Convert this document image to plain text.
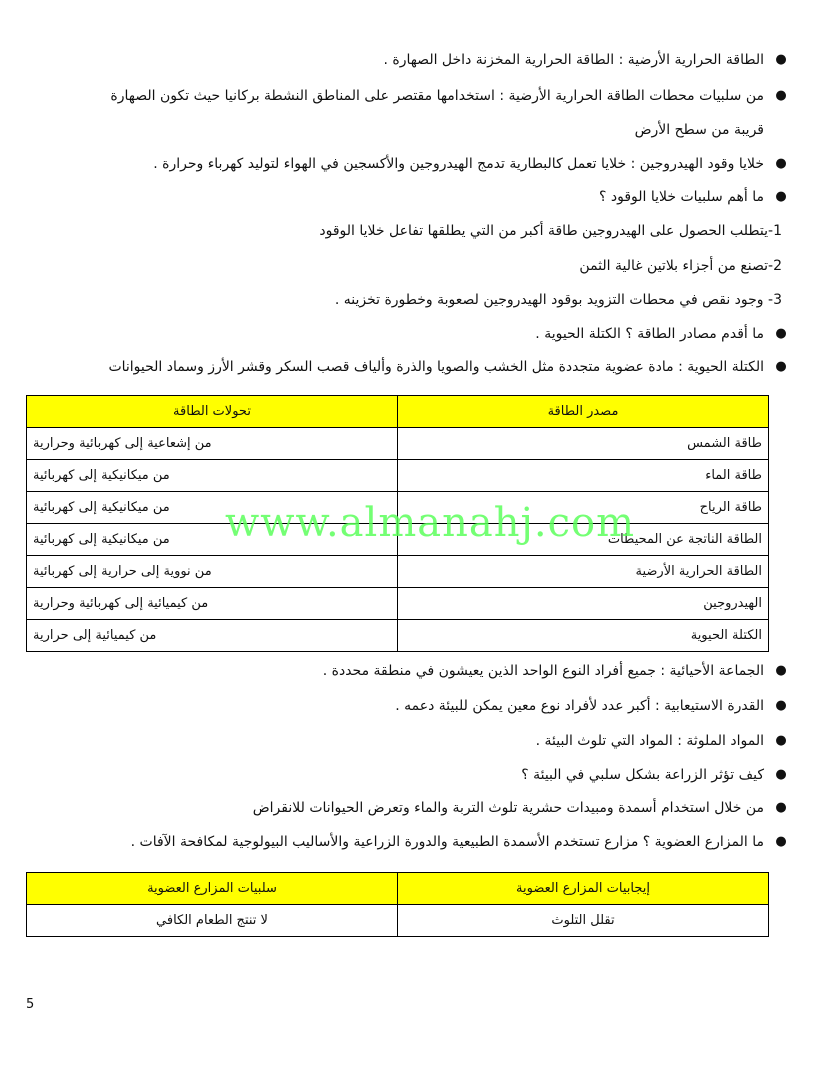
●
الطاقة الحرارية الأرضية : الطاقة الحرارية المخزنة داخل الصهارة .
●
من سلبيات محطات الطاقة الحرارية الأرضية : استخدامها مقتصر على المناطق النشطة بركانيا حيث تكون الصهارة
قريبة من سطح الأرض
●
خلايا وقود الهيدروجين : خلايا تعمل كالبطارية تدمج الهيدروجين والأكسجين في الهواء لتوليد كهرباء وحرارة .
●
ما أهم سلبيات خلايا الوقود ؟
1-يتطلب الحصول على الهيدروجين طاقة أكبر من التي يطلقها تفاعل خلايا الوقود
2-تصنع من أجزاء بلاتين غالية الثمن
3- وجود نقص في محطات التزويد بوقود الهيدروجين لصعوبة وخطورة تخزينه .
●
ما أقدم مصادر الطاقة ؟ الكتلة الحيوية .
●
الكتلة الحيوية : مادة عضوية متجددة مثل الخشب والصويا والذرة وألياف قصب السكر وقشر الأرز وسماد الحيوانات
مصدر الطاقة	تحولات الطاقة
طاقة الشمس	من إشعاعية إلى كهربائية وحرارية
طاقة الماء	من ميكانيكية إلى كهربائية
طاقة الرياح	من ميكانيكية إلى كهربائية
الطاقة الناتجة عن المحيطات	من ميكانيكية إلى كهربائية
الطاقة الحرارية الأرضية	من نووية إلى حرارية إلى كهربائية
الهيدروجين	من كيميائية إلى كهربائية وحرارية
الكتلة الحيوية	من كيميائية إلى حرارية
●
الجماعة الأحيائية : جميع أفراد النوع الواحد الذين يعيشون في منطقة محددة .
●
القدرة الاستيعابية : أكبر عدد لأفراد نوع معين يمكن للبيئة دعمه .
●
المواد الملوثة : المواد التي تلوث البيئة .
●
كيف تؤثر الزراعة بشكل سلبي في البيئة ؟
●
من خلال استخدام أسمدة ومبيدات حشرية تلوث التربة والماء وتعرض الحيوانات للانقراض
●
ما المزارع العضوية ؟ مزارع تستخدم الأسمدة الطبيعية والدورة الزراعية والأساليب البيولوجية لمكافحة الآفات .
إيجابيات المزارع العضوية	سلبيات المزارع العضوية
تقلل التلوث	لا تنتج الطعام الكافي
www.almanahj.com
5
